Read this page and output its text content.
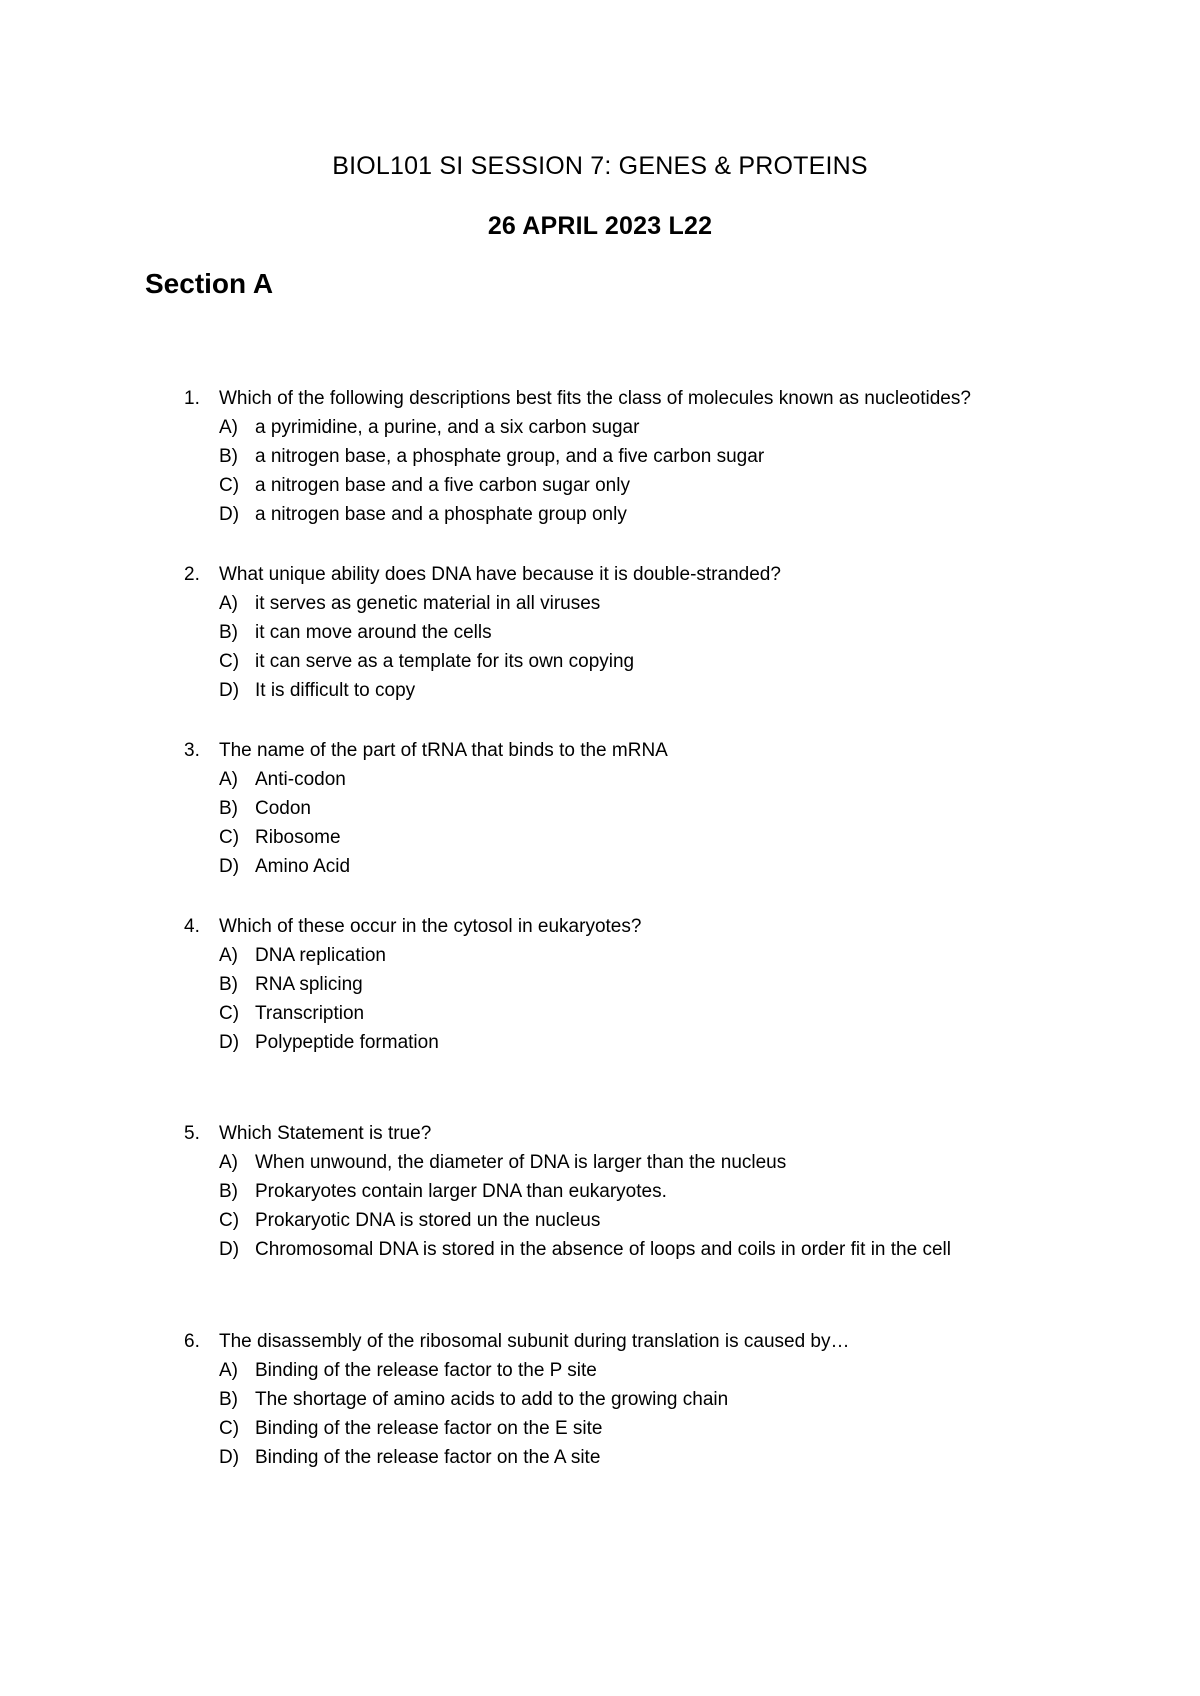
BIOL101 SI SESSION 7: GENES & PROTEINS
26 APRIL 2023 L22
Section A
1. Which of the following descriptions best fits the class of molecules known as nucleotides?
A) a pyrimidine, a purine, and a six carbon sugar
B) a nitrogen base, a phosphate group, and a five carbon sugar
C) a nitrogen base and a five carbon sugar only
D) a nitrogen base and a phosphate group only
2. What unique ability does DNA have because it is double-stranded?
A) it serves as genetic material in all viruses
B) it can move around the cells
C) it can serve as a template for its own copying
D) It is difficult to copy
3. The name of the part of tRNA that binds to the mRNA
A) Anti-codon
B) Codon
C) Ribosome
D) Amino Acid
4. Which of these occur in the cytosol in eukaryotes?
A) DNA replication
B) RNA splicing
C) Transcription
D) Polypeptide formation
5. Which Statement is true?
A) When unwound, the diameter of DNA is larger than the nucleus
B) Prokaryotes contain larger DNA than eukaryotes.
C) Prokaryotic DNA is stored un the nucleus
D) Chromosomal DNA is stored in the absence of loops and coils in order fit in the cell
6. The disassembly of the ribosomal subunit during translation is caused by…
A) Binding of the release factor to the P site
B) The shortage of amino acids to add to the growing chain
C) Binding of the release factor on the E site
D) Binding of the release factor on the A site
